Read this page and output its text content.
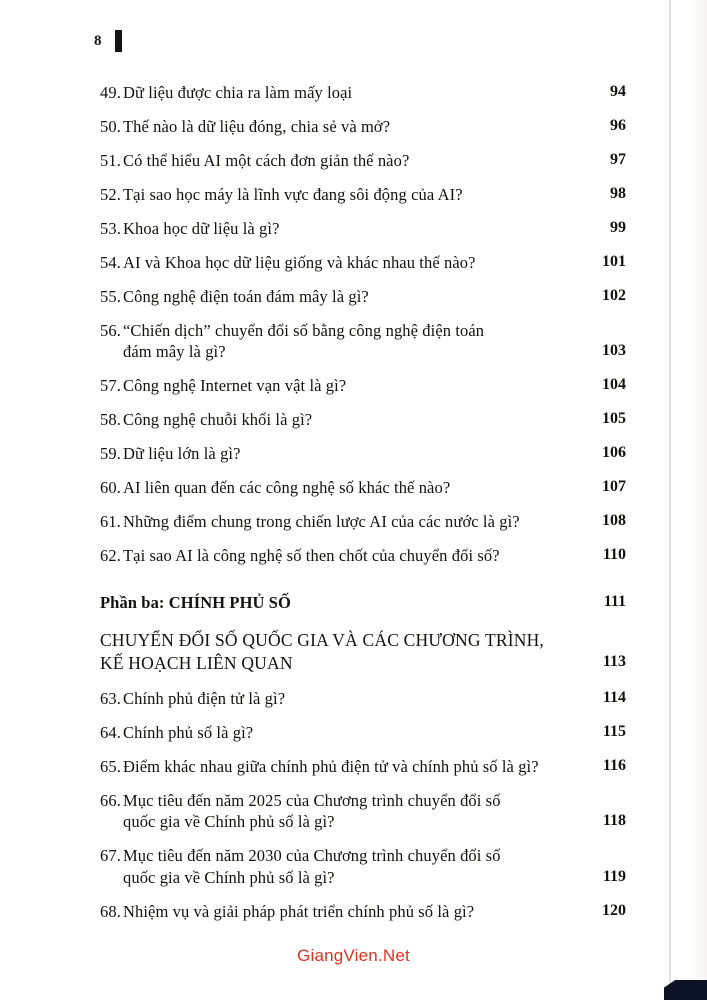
8
49. Dữ liệu được chia ra làm mấy loại	94
50. Thế nào là dữ liệu đóng, chia sẻ và mở?	96
51. Có thể hiểu AI một cách đơn giản thế nào?	97
52. Tại sao học máy là lĩnh vực đang sôi động của AI?	98
53. Khoa học dữ liệu là gì?	99
54. AI và Khoa học dữ liệu giống và khác nhau thế nào?	101
55. Công nghệ điện toán đám mây là gì?	102
56. “Chiến dịch” chuyển đổi số bằng công nghệ điện toán
đám mây là gì?	103
57. Công nghệ Internet vạn vật là gì?	104
58. Công nghệ chuỗi khối là gì?	105
59. Dữ liệu lớn là gì?	106
60. AI liên quan đến các công nghệ số khác thế nào?	107
61. Những điểm chung trong chiến lược AI của các nước là gì?	108
62. Tại sao AI là công nghệ số then chốt của chuyển đổi số?	110
Phần ba: CHÍNH PHỦ SỐ	111
CHUYỂN ĐỔI SỐ QUỐC GIA VÀ CÁC CHƯƠNG TRÌNH,
KẾ HOẠCH LIÊN QUAN	113
63. Chính phủ điện tử là gì?	114
64. Chính phủ số là gì?	115
65. Điểm khác nhau giữa chính phủ điện tử và chính phủ số là gì?	116
66. Mục tiêu đến năm 2025 của Chương trình chuyển đổi số
quốc gia về Chính phủ số là gì?	118
67. Mục tiêu đến năm 2030 của Chương trình chuyển đổi số
quốc gia về Chính phủ số là gì?	119
68. Nhiệm vụ và giải pháp phát triển chính phủ số là gì?	120
GiangVien.Net
